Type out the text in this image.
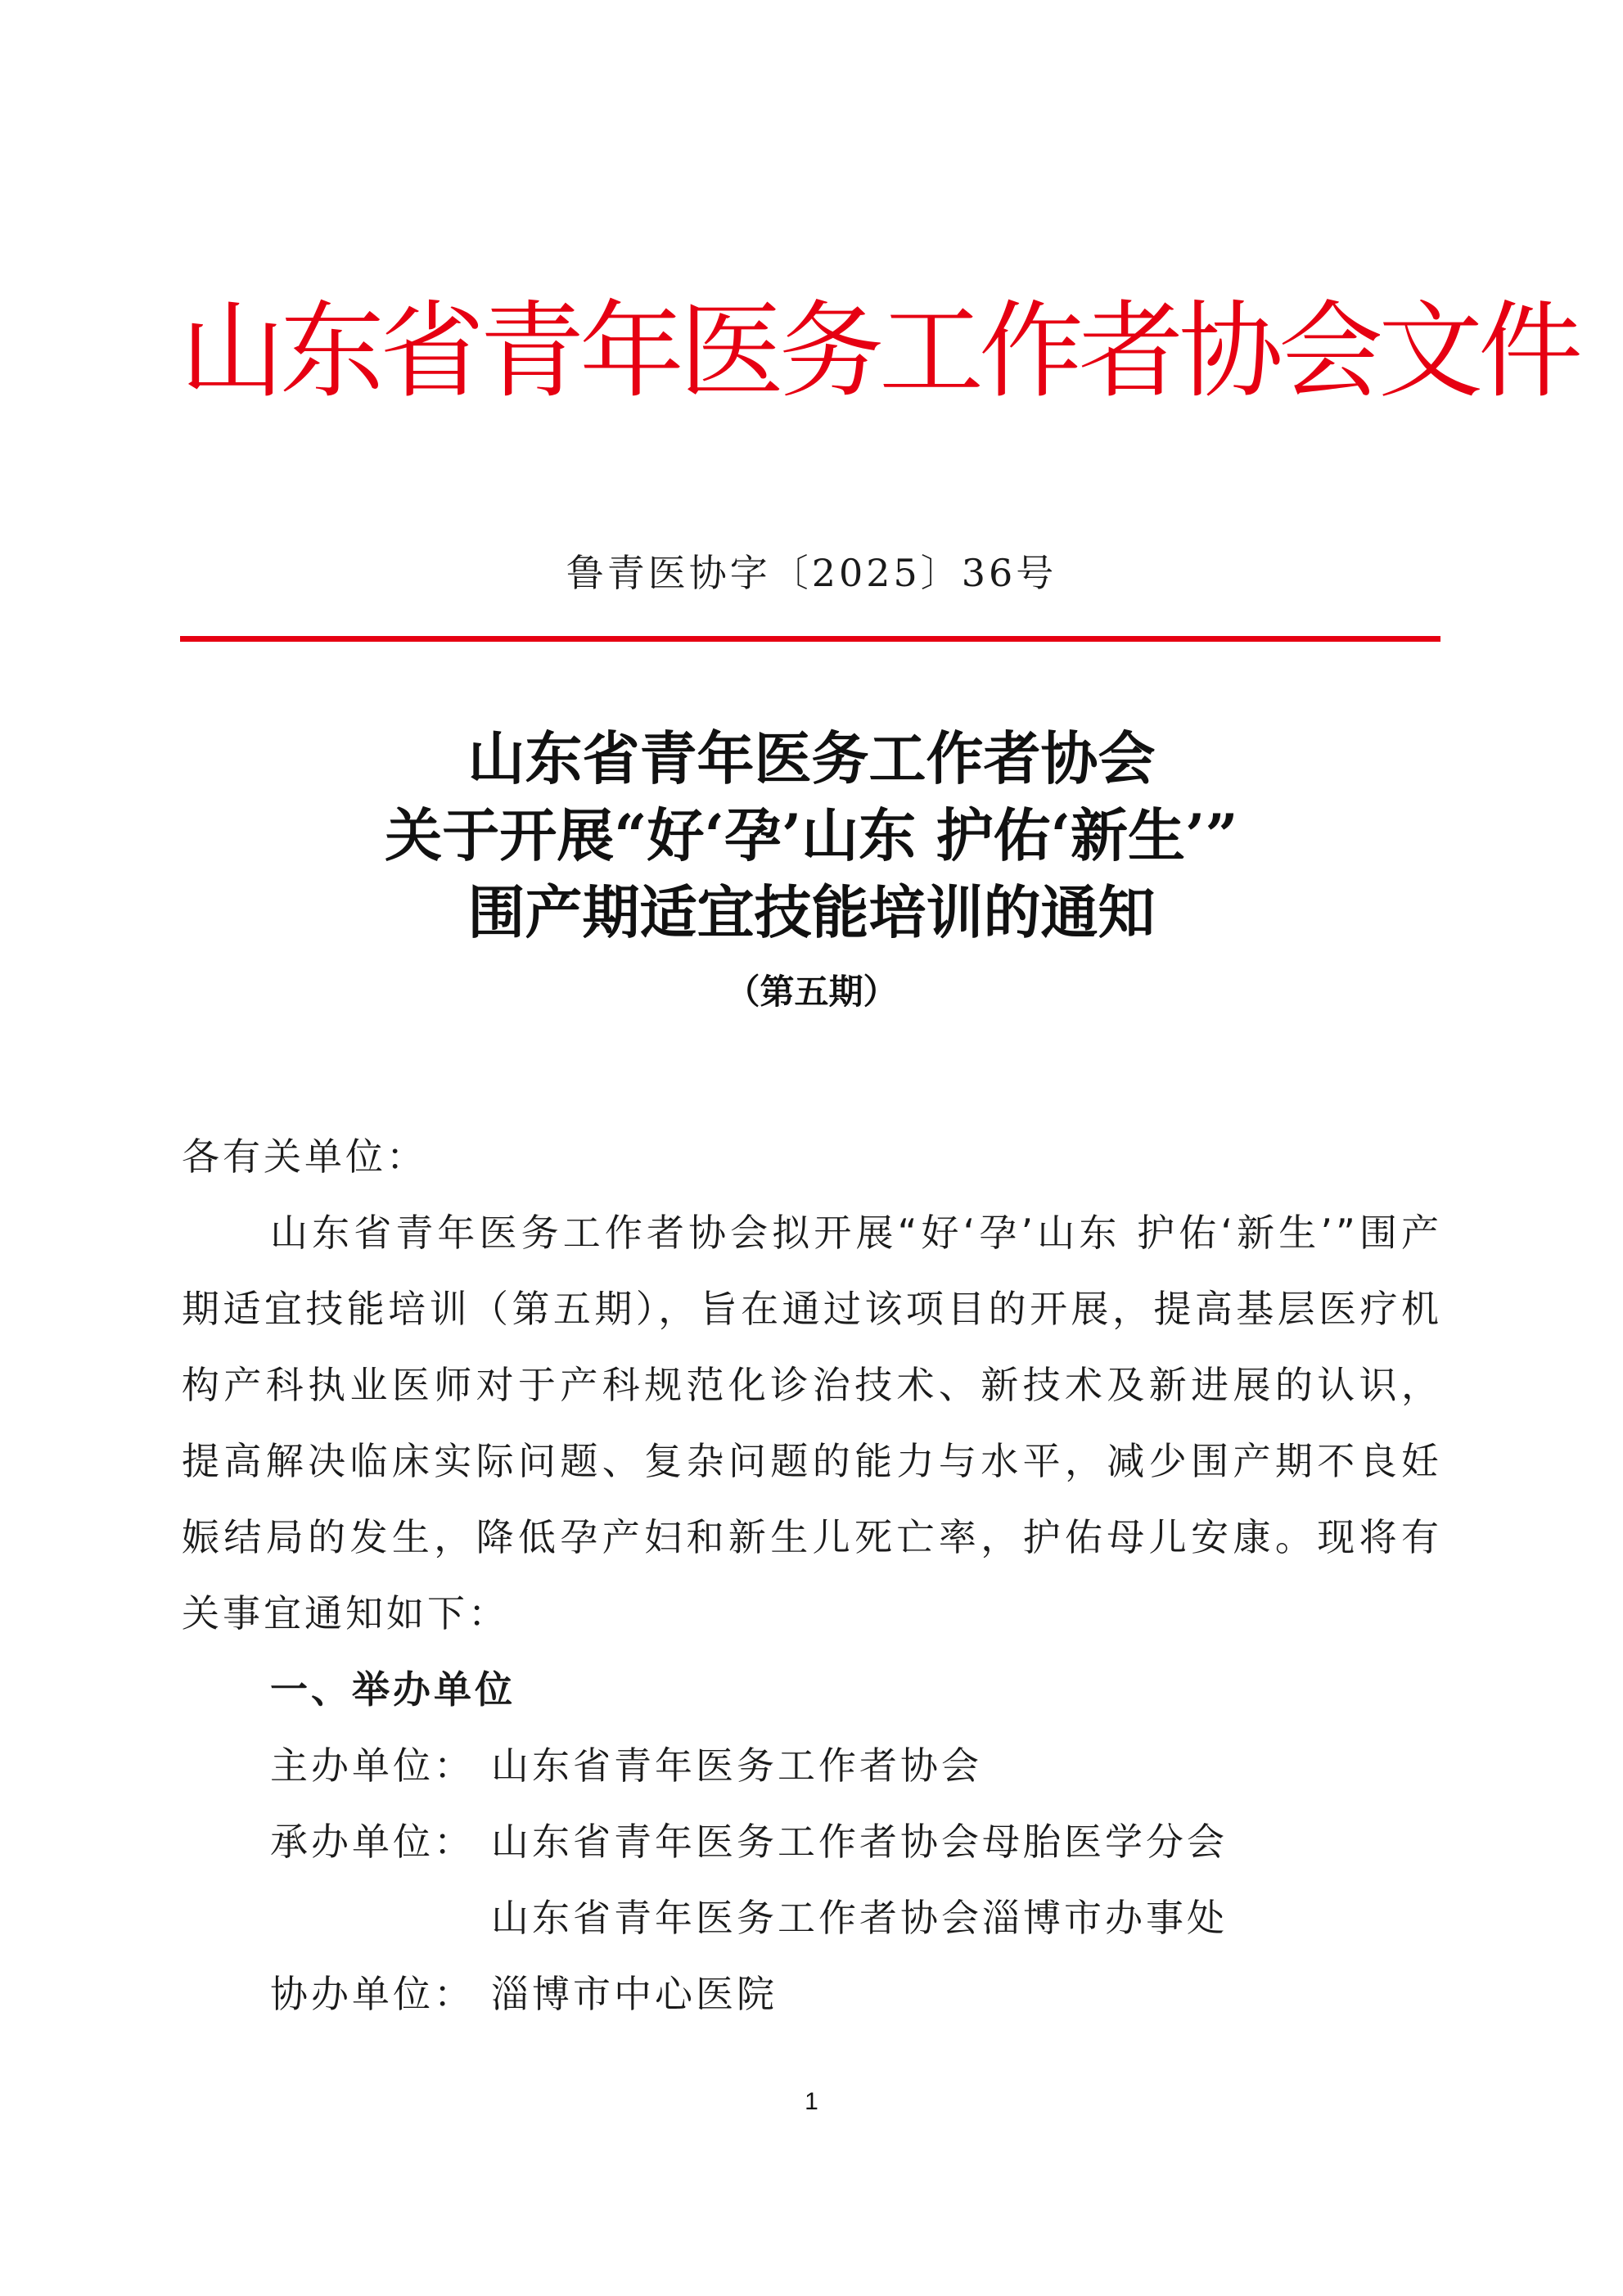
山东省青年医务工作者协会文件
鲁青医协字〔2025〕36号
山东省青年医务工作者协会
关于开展“好‘孕’山东 护佑‘新生’”
围产期适宜技能培训的通知
（第五期）
各有关单位：

山东省青年医务工作者协会拟开展“好‘孕’山东 护佑‘新生’”围产期适宜技能培训（第五期），旨在通过该项目的开展，提高基层医疗机构产科执业医师对于产科规范化诊治技术、新技术及新进展的认识，提高解决临床实际问题、复杂问题的能力与水平，减少围产期不良妊娠结局的发生，降低孕产妇和新生儿死亡率，护佑母儿安康。现将有关事宜通知如下：

一、举办单位
主办单位： 山东省青年医务工作者协会
承办单位： 山东省青年医务工作者协会母胎医学分会
山东省青年医务工作者协会淄博市办事处
协办单位： 淄博市中心医院
1
